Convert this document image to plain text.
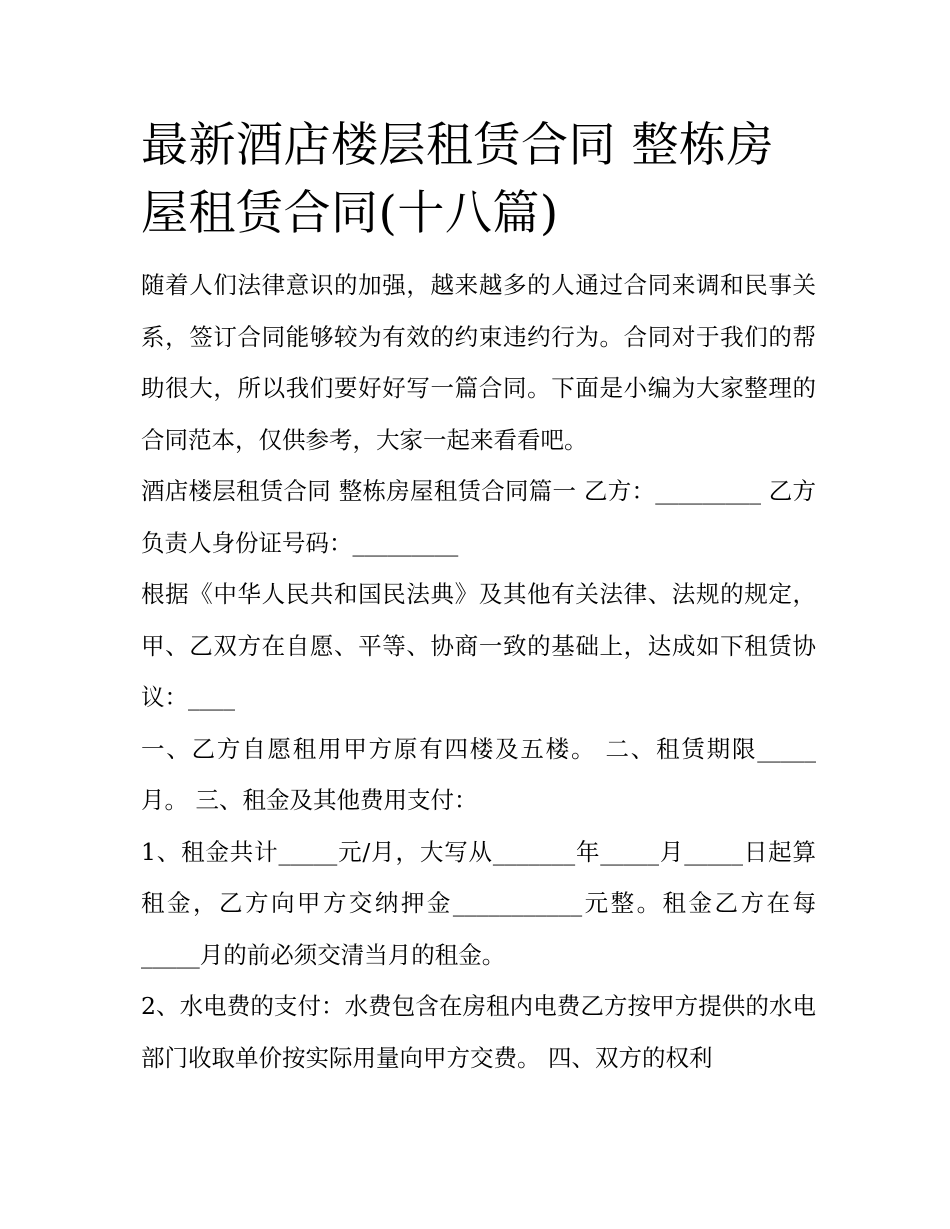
最新酒店楼层租赁合同 整栋房屋租赁合同(十八篇)

随着人们法律意识的加强，越来越多的人通过合同来调和民事关系，签订合同能够较为有效的约束违约行为。合同对于我们的帮助很大，所以我们要好好写一篇合同。下面是小编为大家整理的合同范本，仅供参考，大家一起来看看吧。

酒店楼层租赁合同 整栋房屋租赁合同篇一 乙方：_________ 乙方负责人身份证号码：_________

根据《中华人民共和国民法典》及其他有关法律、法规的规定，甲、乙双方在自愿、平等、协商一致的基础上，达成如下租赁协议：____

一、乙方自愿租用甲方原有四楼及五楼。 二、租赁期限_____月。 三、租金及其他费用支付：

1、租金共计_____元/月，大写从_______年_____月_____日起算租金，乙方向甲方交纳押金___________元整。租金乙方在每_____月的前必须交清当月的租金。

2、水电费的支付：水费包含在房租内电费乙方按甲方提供的水电部门收取单价按实际用量向甲方交费。 四、双方的权利
